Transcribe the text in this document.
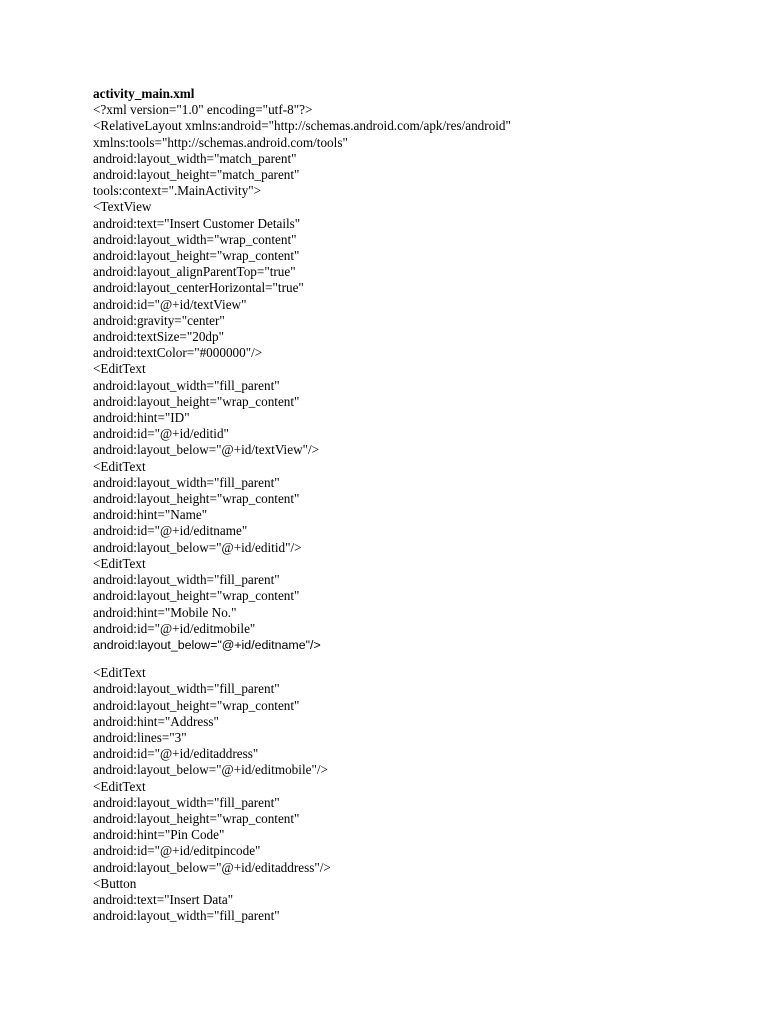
activity_main.xml
<?xml version="1.0" encoding="utf-8"?>
<RelativeLayout xmlns:android="http://schemas.android.com/apk/res/android"
xmlns:tools="http://schemas.android.com/tools"
android:layout_width="match_parent"
android:layout_height="match_parent"
tools:context=".MainActivity">
<TextView
android:text="Insert Customer Details"
android:layout_width="wrap_content"
android:layout_height="wrap_content"
android:layout_alignParentTop="true"
android:layout_centerHorizontal="true"
android:id="@+id/textView"
android:gravity="center"
android:textSize="20dp"
android:textColor="#000000"/>
<EditText
android:layout_width="fill_parent"
android:layout_height="wrap_content"
android:hint="ID"
android:id="@+id/editid"
android:layout_below="@+id/textView"/>
<EditText
android:layout_width="fill_parent"
android:layout_height="wrap_content"
android:hint="Name"
android:id="@+id/editname"
android:layout_below="@+id/editid"/>
<EditText
android:layout_width="fill_parent"
android:layout_height="wrap_content"
android:hint="Mobile No."
android:id="@+id/editmobile"
android:layout_below="@+id/editname"/>
<EditText
android:layout_width="fill_parent"
android:layout_height="wrap_content"
android:hint="Address"
android:lines="3"
android:id="@+id/editaddress"
android:layout_below="@+id/editmobile"/>
<EditText
android:layout_width="fill_parent"
android:layout_height="wrap_content"
android:hint="Pin Code"
android:id="@+id/editpincode"
android:layout_below="@+id/editaddress"/>
<Button
android:text="Insert Data"
android:layout_width="fill_parent"
